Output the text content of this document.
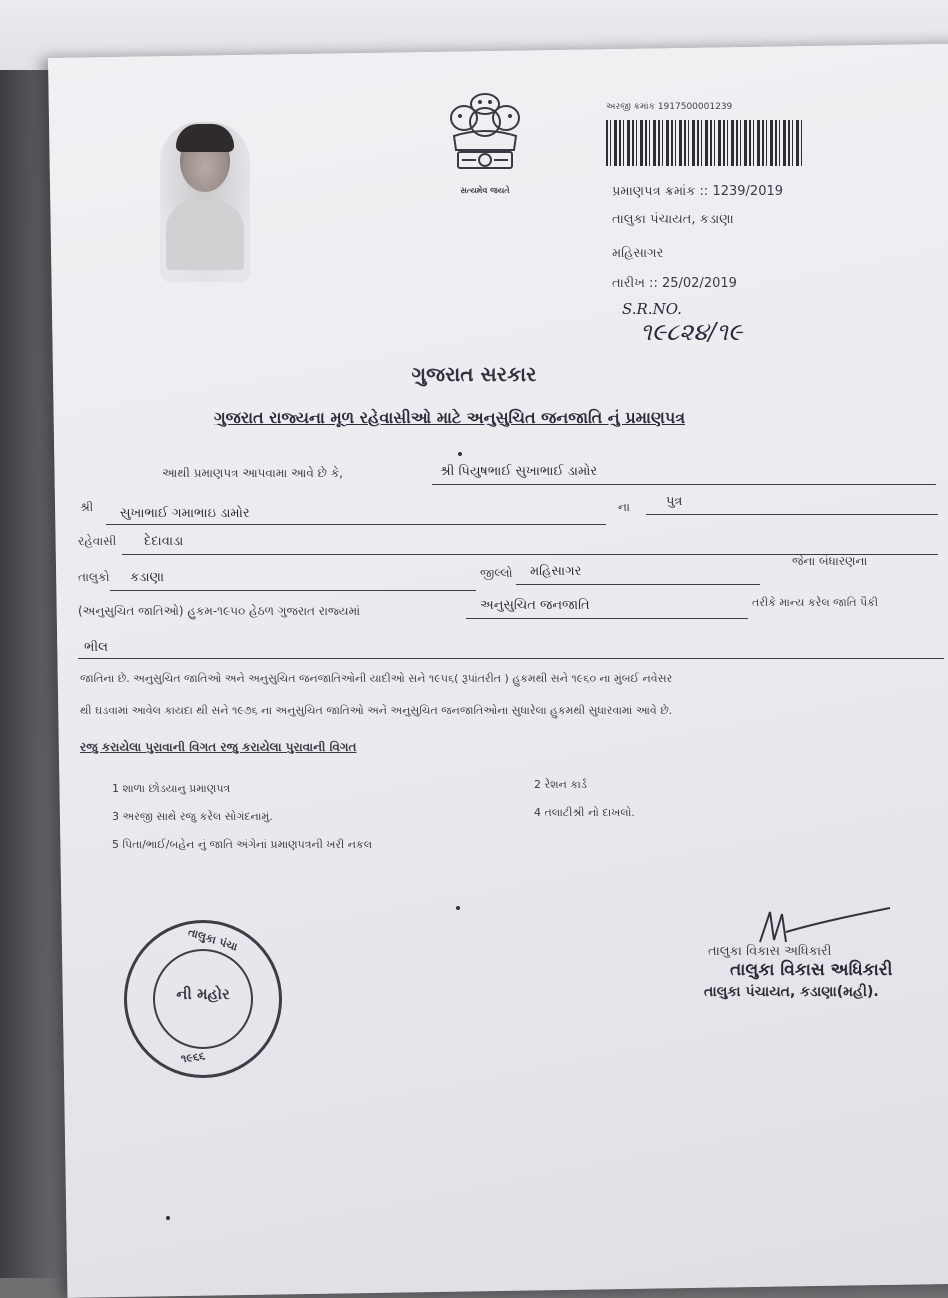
સત્યમેવ જયતે
અરજી ક્રમાંક 1917500001239
પ્રમાણપત્ર ક્રમાંક :: 1239/2019
તાલુકા પંચાયત, કડાણા
મહિસાગર
તારીખ :: 25/02/2019
S.R.NO.
૧૯૮૨૪/૧૯
ગુજરાત સરકાર
ગુજરાત રાજ્યના મૂળ રહેવાસીઓ માટે અનુસુચિત જનજાતિ નું પ્રમાણપત્ર
આથી પ્રમાણપત્ર આપવામા આવે છે કે,	શ્રી પિયુષભાઈ સુખાભાઈ ડામોર
શ્રી સુખાભાઈ ગમાભાઇ ડામોર	ના	પુત્ર
રહેવાસી દેદાવાડા
તાલુકો કડાણા	જીલ્લો મહિસાગર
જેના બંધારણના
(અનુસુચિત જાતિઓ) હુકમ-૧૯૫૦ હેઠળ ગુજરાત રાજ્યમાં	અનુસુચિત જનજાતિ	તરીકે માન્ય કરેલ જાતિ પૈકી
ભીલ
જાતિના છે. અનુસુચિત જાતિઓ અને અનુસુચિત જનજાતિઓની યાદીઓ સને ૧૯૫૬( રૂપાંતરીત ) હુકમથી સને ૧૯૬૦ ના મુંબઈ નવેસર
થી ઘડવામાં આવેલ કાયદા થી સને ૧૯૭૬ ના અનુસુચિત જાતિઓ અને અનુસુચિત જનજાતિઓના સુધારેલા હુકમથી સુધારવામાં આવે છે.
રજુ કરાયેલા પુરાવાની વિગત રજુ કરાયેલા પુરાવાની વિગત
1 શાળા છોડયાનુ પ્રમાણપત્ર	2 રેશન કાર્ડ
3 અરજી સાથે રજુ કરેલ સોગંદનામું.	4 તલાટીશ્રી નો દાખલો.
5 પિતા/ભાઈ/બહેન નું જાતિ અંગેનાં પ્રમાણપત્રની ખરી નકલ
તાલુકા પંચા
૧૯૬૬
ની મહોર
તાલુકા વિકાસ અધિકારી
તાલુકા વિકાસ અધિકારી
તાલુકા પંચાયત, કડાણા(મહી).
